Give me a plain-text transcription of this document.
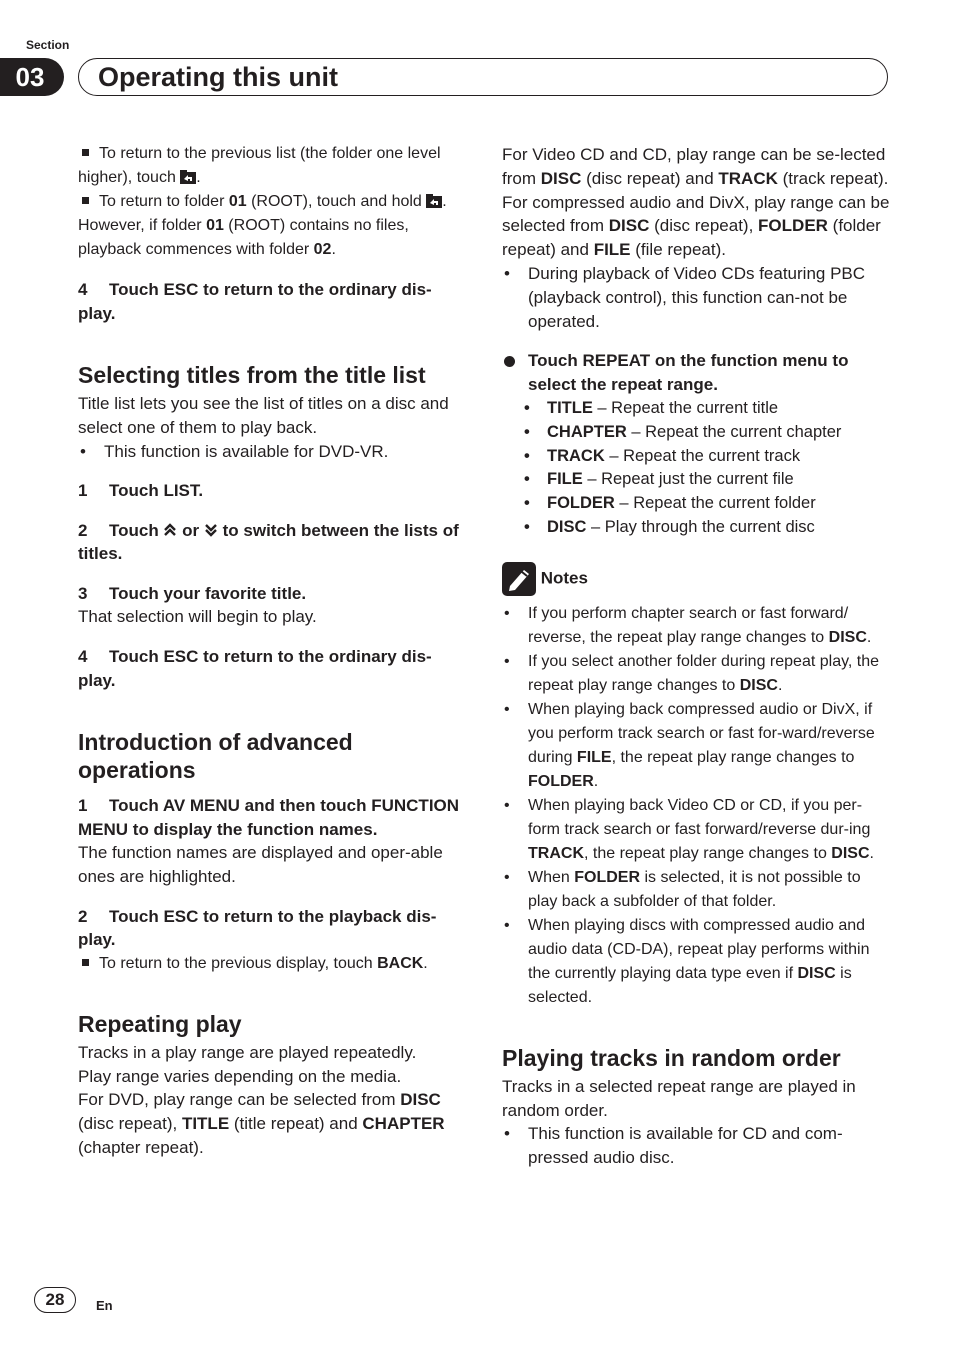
Section
03	Operating this unit

To return to the previous list (the folder one level higher), touch .

To return to folder 01 (ROOT), touch and hold . However, if folder 01 (ROOT) contains no files, playback commences with folder 02.

4 Touch ESC to return to the ordinary dis-play.

Selecting titles from the title list

Title list lets you see the list of titles on a disc and select one of them to play back.

• This function is available for DVD-VR.

1 Touch LIST.

2 Touch  or  to switch between the lists of titles.

3 Touch your favorite title.

That selection will begin to play.

4 Touch ESC to return to the ordinary dis-play.

Introduction of advanced operations

1 Touch AV MENU and then touch FUNCTION MENU to display the function names.

The function names are displayed and oper-able ones are highlighted.

2 Touch ESC to return to the playback dis-play.

To return to the previous display, touch BACK.

Repeating play

Tracks in a play range are played repeatedly.

Play range varies depending on the media.

For DVD, play range can be selected from DISC (disc repeat), TITLE (title repeat) and CHAPTER (chapter repeat).

For Video CD and CD, play range can be se-lected from DISC (disc repeat) and TRACK (track repeat).

For compressed audio and DivX, play range can be selected from DISC (disc repeat), FOLDER (folder repeat) and FILE (file repeat).

• During playback of Video CDs featuring PBC (playback control), this function can-not be operated.

Touch REPEAT on the function menu to select the repeat range.

• TITLE – Repeat the current title

• CHAPTER – Repeat the current chapter

• TRACK – Repeat the current track

• FILE – Repeat just the current file

• FOLDER – Repeat the current folder

• DISC – Play through the current disc

Notes

• If you perform chapter search or fast forward/ reverse, the repeat play range changes to DISC.

• If you select another folder during repeat play, the repeat play range changes to DISC.

• When playing back compressed audio or DivX, if you perform track search or fast for-ward/reverse during FILE, the repeat play range changes to FOLDER.

• When playing back Video CD or CD, if you per-form track search or fast forward/reverse dur-ing TRACK, the repeat play range changes to DISC.

• When FOLDER is selected, it is not possible to play back a subfolder of that folder.

• When playing discs with compressed audio and audio data (CD-DA), repeat play performs within the currently playing data type even if DISC is selected.

Playing tracks in random order

Tracks in a selected repeat range are played in random order.

• This function is available for CD and com-pressed audio disc.

28	En
